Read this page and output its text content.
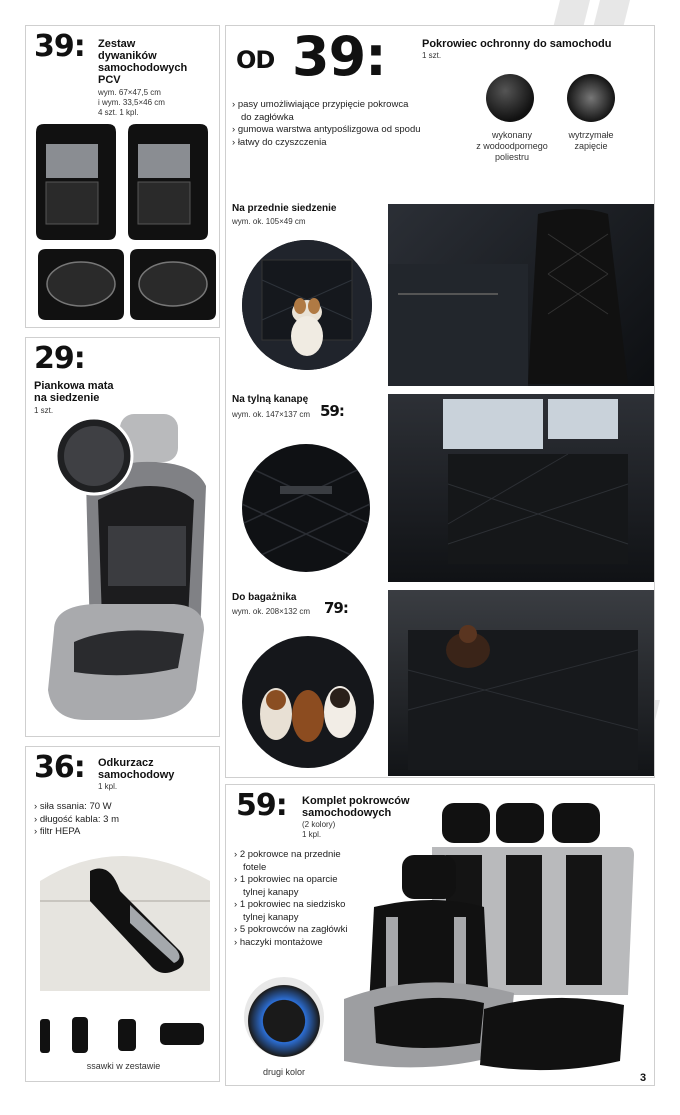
39: Zestaw
dywaników
samochodowych
PCV
wym. 67×47,5 cm
i wym. 33,5×46 cm
4 szt. 1 kpl.
OD 39:	Pokrowiec ochronny do samochodu
1 szt.
› pasy umożliwiające przypięcie pokrowca
do zagłówka
› gumowa warstwa antypoślizgowa od spodu
› łatwy do czyszczenia
wykonany
z wodoodpornego
poliestru
wytrzymałe
zapięcie
Na przednie siedzenie
wym. ok. 105×49 cm
Na tylną kanapę
wym. ok. 147×137 cm 59:
Do bagażnika
wym. ok. 208×132 cm 79:
29:
Piankowa mata
na siedzenie
1 szt.
36: Odkurzacz
samochodowy
1 kpl.
› siła ssania: 70 W
› długość kabla: 3 m
› filtr HEPA
ssawki w zestawie
59: Komplet pokrowców
samochodowych
(2 kolory)
1 kpl.
› 2 pokrowce na przednie
fotele
› 1 pokrowiec na oparcie
tylnej kanapy
› 1 pokrowiec na siedzisko
tylnej kanapy
› 5 pokrowców na zagłówki
› haczyki montażowe
drugi kolor	3
